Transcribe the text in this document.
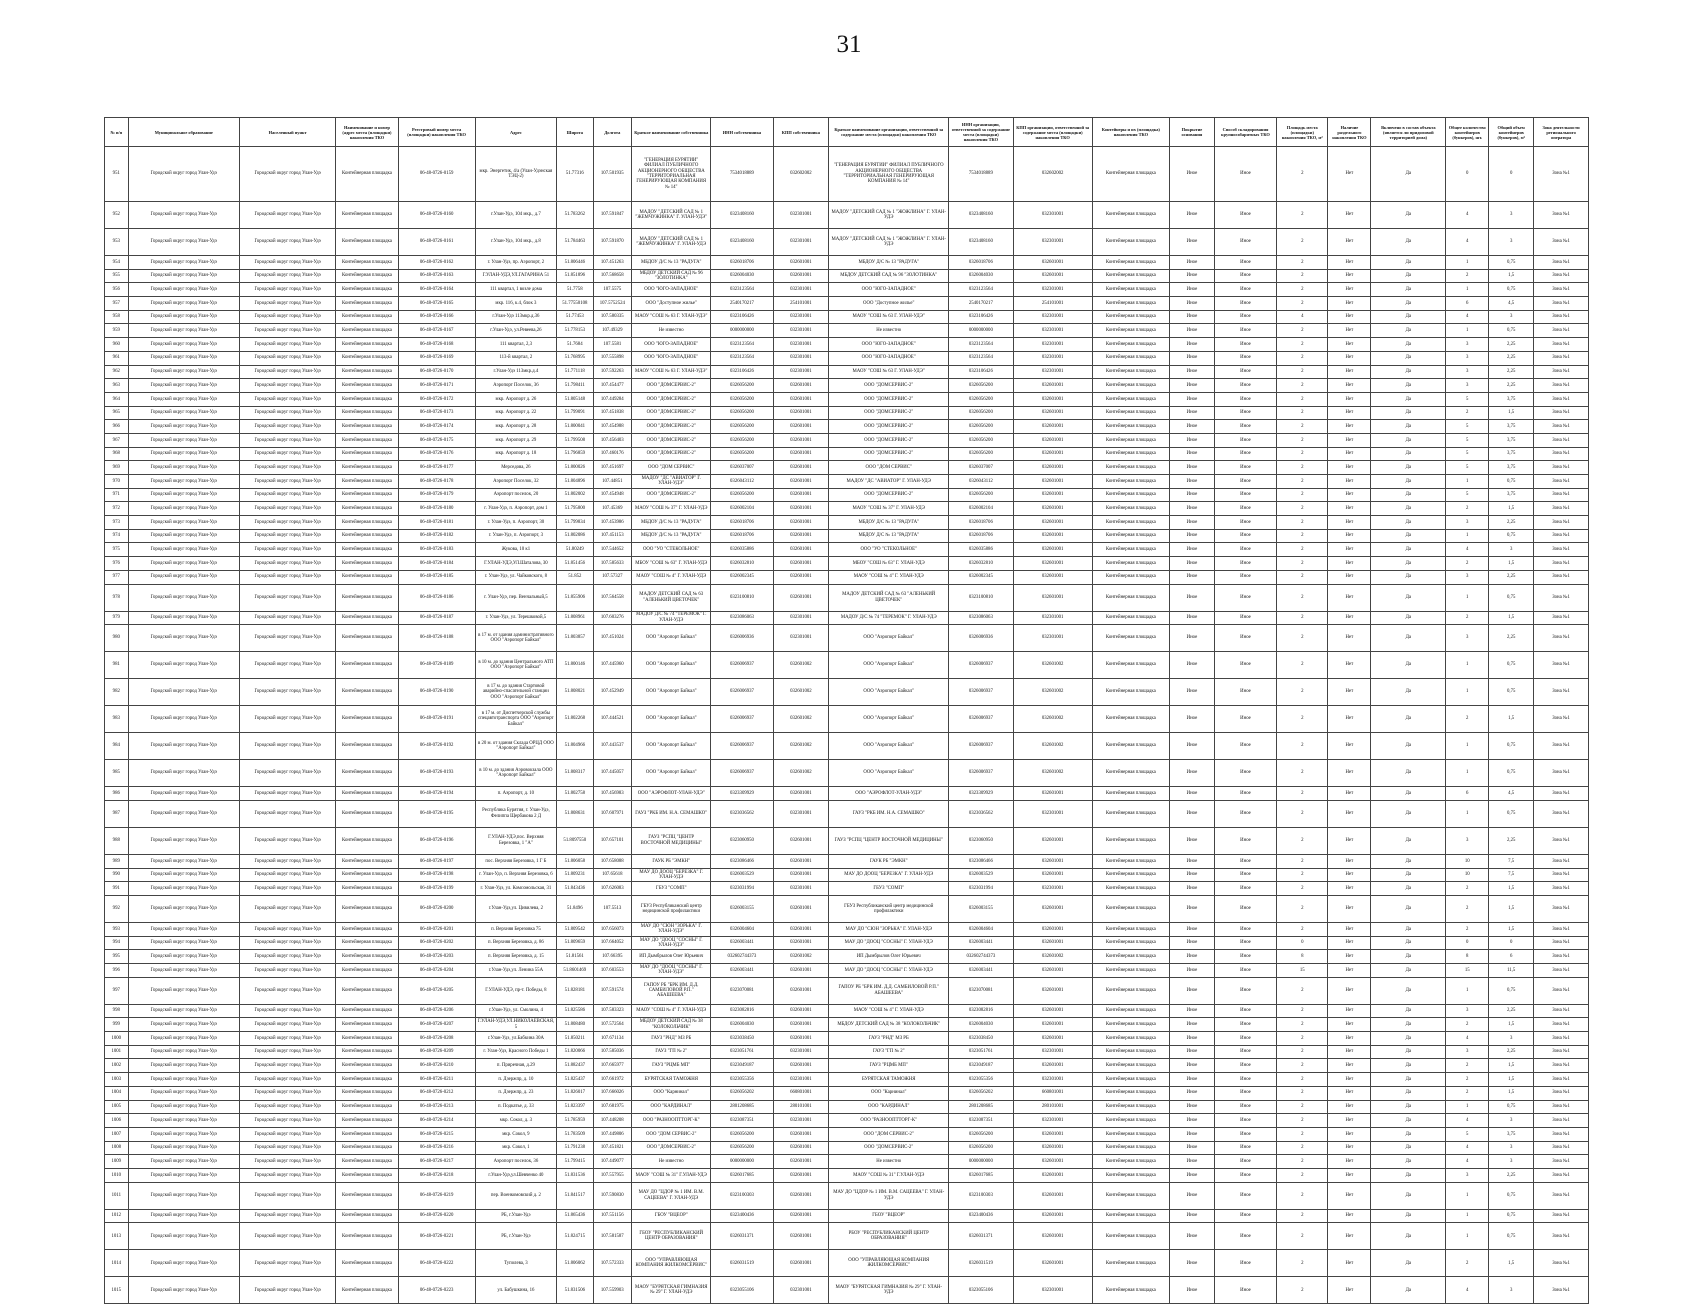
31
№ п/п	Муниципальное образование	Населенный пункт	Наименование и номер (адрес места (площадки) накопления ТКО	Реестровый номер места (площадки) накопления ТКО	Адрес	Широта	Долгота	Краткое наименование собственника	ИНН собственника	КПП собственника	Краткое наименование организации, ответственной за содержание места (площадки) накопления ТКО	ИНН организации, ответственной за содержание места (площадки) накопления ТКО	КПП организации, ответственной за содержание места (площадки) накопления ТКО	Контейнеры и их (площадка) накопления ТКО	Покрытие основания	Способ складирования крупногабаритных ТКО	Площадь места (площадки) накопления ТКО, м²	Наличие раздельного накопления ТКО	Включено в состав объекта (является ли придомовой территорией дома)	Общее количество контейнеров (бункеров), шт.	Общий объем контейнеров (бункеров), м³	Зона деятельности регионального оператора
951	Городской округ город Улан-Удэ	Городской округ город Улан-Удэ	Контейнерная площадка	06-48-0726-0159	мкр. Энергетик, 4/а (Улан-Удэнская ТЭЦ-2)	51.77316	107.501935	"ГЕНЕРАЦИЯ БУРЯТИИ" ФИЛИАЛ ПУБЛИЧНОГО АКЦИОНЕРНОГО ОБЩЕСТВА "ТЕРРИТОРИАЛЬНАЯ ГЕНЕРИРУЮЩАЯ КОМПАНИЯ № 14"	7534018889	032602002	"ГЕНЕРАЦИЯ БУРЯТИИ" ФИЛИАЛ ПУБЛИЧНОГО АКЦИОНЕРНОГО ОБЩЕСТВА "ТЕРРИТОРИАЛЬНАЯ ГЕНЕРИРУЮЩАЯ КОМПАНИЯ № 14"	7534018889	032602002	Контейнерная площадка	Иное	Иное	2	Нет	Да	0	0	Зона №1
952	Городской округ город Улан-Удэ	Городской округ город Улан-Удэ	Контейнерная площадка	06-48-0726-0160	г.Улан-Удэ, 104 мкр., д.7	51.783262	107.591847	МАДОУ "ДЕТСКИЙ САД № 1 "ЖЕМЧУЖИНКА" Г. УЛАН-УДЭ"	0323408160	032301001	МАДОУ "ДЕТСКИЙ САД № 1 "ЖОЖЛИНА" Г. УЛАН-УДЭ	0323408160	032301001	Контейнерная площадка	Иное	Иное	2	Нет	Да	4	3	Зона №1
953	Городской округ город Улан-Удэ	Городской округ город Улан-Удэ	Контейнерная площадка	06-48-0726-0161	г.Улан-Удэ, 104 мкр., д.8	51.784463	107.591870	МАДОУ "ДЕТСКИЙ САД № 1 "ЖЕМЧУЖИНКА" Г. УЛАН-УДЭ	0323408160	032301001	МАДОУ "ДЕТСКИЙ САД № 1 "ЖОЖЛИНА" Г. УЛАН-УДЭ	0323408160	032301001	Контейнерная площадка	Иное	Иное	2	Нет	Да	4	3	Зона №1
954	Городской округ город Улан-Удэ	Городской округ город Улан-Удэ	Контейнерная площадка	06-48-0726-0162	г. Улан-Удэ, пр. Аэропорт, 2	51.806446	107.451263	МБДОУ Д/С № 13 "РАДУГА"	0326018706	032601001	МБДОУ Д/С № 13 "РАДУГА"	0326018706	032601001	Контейнерная площадка	Иное	Иное	2	Нет	Да	1	0,75	Зона №1
955	Городской округ город Улан-Удэ	Городской округ город Улан-Удэ	Контейнерная площадка	06-48-0726-0163	Г.УЛАН-УДЭ,УЛ.ГАГАРИНА 51	51.851896	107.568658	МБДОУ ДЕТСКИЙ САД № 96 "ЗОЛОТИНКА"	0326004030	032601001	МБДОУ ДЕТСКИЙ САД № 96 "ЗОЛОТИНКА"	0326004030	032601001	Контейнерная площадка	Иное	Иное	2	Нет	Да	2	1,5	Зона №1
956	Городской округ город Улан-Удэ	Городской округ город Улан-Удэ	Контейнерная площадка	06-48-0726-0164	111 квартал, 1 возле дома	51.7758	107.5575	ООО "ЮГО-ЗАПАДНОЕ"	0323123564	032301001	ООО "ЮГО-ЗАПАДНОЕ"	0323123564	032301001	Контейнерная площадка	Иное	Иное	2	Нет	Да	1	0,75	Зона №1
957	Городской округ город Улан-Удэ	Городской округ город Улан-Удэ	Контейнерная площадка	06-48-0726-0165	мкр. 116, к.4, блок 3	51.77550108	107.5752524	ООО "Доступное жилье"	2540170217	254101001	ООО "Доступное жилье"	2540170217	254101001	Контейнерная площадка	Иное	Иное	2	Нет	Да	6	4,5	Зона №1
958	Городской округ город Улан-Удэ	Городской округ город Улан-Удэ	Контейнерная площадка	06-48-0726-0166	г.Улан-Удэ 113мкр.д.36	51.77453	107.580335	МАОУ "СОШ № 63 Г. УЛАН-УДЭ"	0323106426	032301001	МАОУ "СОШ № 63 Г. УЛАН-УДЭ"	0323106426	032301001	Контейнерная площадка	Иное	Иное	4	Нет	Да	4	3	Зона №1
959	Городской округ город Улан-Удэ	Городской округ город Улан-Удэ	Контейнерная площадка	06-48-0726-0167	г.Улан-Удэ, ул.Ревеева,26	51.778153	107.49329	Не известно	0000000000	032301001	Не известно	0000000000	032301001	Контейнерная площадка	Иное	Иное	2	Нет	Да	1	0,75	Зона №1
960	Городской округ город Улан-Удэ	Городской округ город Улан-Удэ	Контейнерная площадка	06-48-0726-0168	111 квартал, 2,3	51.7684	107.5581	ООО "ЮГО-ЗАПАДНОЕ"	0323123564	032301001	ООО "ЮГО-ЗАПАДНОЕ"	0323123564	032301001	Контейнерная площадка	Иное	Иное	2	Нет	Да	3	2,25	Зона №1
961	Городской округ город Улан-Удэ	Городской округ город Улан-Удэ	Контейнерная площадка	06-48-0726-0169	113-й квартал, 2	51.768995	107.555898	ООО "ЮГО-ЗАПАДНОЕ"	0323123564	032301001	ООО "ЮГО-ЗАПАДНОЕ"	0323123564	032301001	Контейнерная площадка	Иное	Иное	2	Нет	Да	3	2,25	Зона №1
962	Городской округ город Улан-Удэ	Городской округ город Улан-Удэ	Контейнерная площадка	06-48-0726-0170	г.Улан-Удэ 113мкр.д.4	51.771118	107.592263	МАОУ "СОШ № 63 Г. УЛАН-УДЭ"	0323106426	032301001	МАОУ "СОШ № 63 Г. УЛАН-УДЭ"	0323106426	032301001	Контейнерная площадка	Иное	Иное	2	Нет	Да	3	2,25	Зона №1
963	Городской округ город Улан-Удэ	Городской округ город Улан-Удэ	Контейнерная площадка	06-48-0726-0171	Аэропорт Поселок, 36	51.798411	107.454477	ООО "ДОМСЕРВИС-2"	0326056200	032601001	ООО "ДОМСЕРВИС-2"	0326056200	032601001	Контейнерная площадка	Иное	Иное	2	Нет	Да	3	2,25	Зона №1
964	Городской округ город Улан-Удэ	Городской округ город Улан-Удэ	Контейнерная площадка	06-48-0726-0172	мкр. Аэропорт д. 26	51.805148	107.449284	ООО "ДОМСЕРВИС-2"	0326056200	032601001	ООО "ДОМСЕРВИС-2"	0326056200	032601001	Контейнерная площадка	Иное	Иное	2	Нет	Да	5	3,75	Зона №1
965	Городской округ город Улан-Удэ	Городской округ город Улан-Удэ	Контейнерная площадка	06-48-0726-0173	мкр. Аэропорт д. 22	51.799091	107.451838	ООО "ДОМСЕРВИС-2"	0326056200	032601001	ООО "ДОМСЕРВИС-2"	0326056200	032601001	Контейнерная площадка	Иное	Иное	2	Нет	Да	2	1,5	Зона №1
966	Городской округ город Улан-Удэ	Городской округ город Улан-Удэ	Контейнерная площадка	06-48-0726-0174	мкр. Аэропорт д. 28	51.800041	107.454988	ООО "ДОМСЕРВИС-2"	0326056200	032601001	ООО "ДОМСЕРВИС-2"	0326056200	032601001	Контейнерная площадка	Иное	Иное	2	Нет	Да	5	3,75	Зона №1
967	Городской округ город Улан-Удэ	Городской округ город Улан-Удэ	Контейнерная площадка	06-48-0726-0175	мкр. Аэропорт д. 29	51.799508	107.456403	ООО "ДОМСЕРВИС-2"	0326056200	032601001	ООО "ДОМСЕРВИС-2"	0326056200	032601001	Контейнерная площадка	Иное	Иное	2	Нет	Да	5	3,75	Зона №1
968	Городской округ город Улан-Удэ	Городской округ город Улан-Удэ	Контейнерная площадка	06-48-0726-0176	мкр. Аэропорт д. 18	51.796859	107.460176	ООО "ДОМСЕРВИС-2"	0326056200	032601001	ООО "ДОМСЕРВИС-2"	0326056200	032601001	Контейнерная площадка	Иное	Иное	2	Нет	Да	5	3,75	Зона №1
969	Городской округ город Улан-Удэ	Городской округ город Улан-Удэ	Контейнерная площадка	06-48-0726-0177	Мерседова, 26	51.800026	107.451697	ООО "ДОМ СЕРВИС"	0326037007	032601001	ООО "ДОМ СЕРВИС"	0326037007	032601001	Контейнерная площадка	Иное	Иное	2	Нет	Да	5	3,75	Зона №1
970	Городской округ город Улан-Удэ	Городской округ город Улан-Удэ	Контейнерная площадка	06-48-0726-0178	Аэропорт Поселок, 32	51.804896	107.44851	МАДОУ "ДС "АВИАТОР" Г. УЛАН-УДЭ"	0326043112	032601001	МАДОУ "ДС "АВИАТОР" Г. УЛАН-УДЭ	0326043112	032601001	Контейнерная площадка	Иное	Иное	2	Нет	Да	1	0,75	Зона №1
971	Городской округ город Улан-Удэ	Городской округ город Улан-Удэ	Контейнерная площадка	06-48-0726-0179	Аэропорт поселок, 20	51.802002	107.454948	ООО "ДОМСЕРВИС-2"	0326056200	032601001	ООО "ДОМСЕРВИС-2"	0326056200	032601001	Контейнерная площадка	Иное	Иное	2	Нет	Да	5	3,75	Зона №1
972	Городской округ город Улан-Удэ	Городской округ город Улан-Удэ	Контейнерная площадка	06-48-0726-0180	г. Улан-Удэ, п. Аэропорт, дом 1	51.795800	107.45369	МАОУ "СОШ № 37" Г. УЛАН-УДЭ	0326002104	032601001	МАОУ "СОШ № 37" Г. УЛАН-УДЭ	0326002104	032601001	Контейнерная площадка	Иное	Иное	2	Нет	Да	2	1,5	Зона №1
973	Городской округ город Улан-Удэ	Городской округ город Улан-Удэ	Контейнерная площадка	06-48-0726-0181	г. Улан-Удэ, п. Аэропорт, 30	51.799834	107.453986	МБДОУ Д/С № 13 "РАДУГА"	0326018706	032601001	МБДОУ Д/С № 13 "РАДУГА"	0326018706	032601001	Контейнерная площадка	Иное	Иное	2	Нет	Да	3	2,25	Зона №1
974	Городской округ город Улан-Удэ	Городской округ город Улан-Удэ	Контейнерная площадка	06-48-0726-0182	г. Улан-Удэ, п. Аэропорт, 3	51.802086	107.451153	МБДОУ Д/С № 13 "РАДУГА"	0326018706	032601001	МБДОУ Д/С № 13 "РАДУГА"	0326018706	032601001	Контейнерная площадка	Иное	Иное	2	Нет	Да	1	0,75	Зона №1
975	Городской округ город Улан-Удэ	Городской округ город Улан-Удэ	Контейнерная площадка	06-48-0726-0183	Жукова, 10 к1	51.80249	107.544652	ООО "УО "СТЕКОЛЬНОЕ"	0326035886	032601001	ООО "УО "СТЕКОЛЬНОЕ"	0326035886	032601001	Контейнерная площадка	Иное	Иное	2	Нет	Да	4	3	Зона №1
976	Городской округ город Улан-Удэ	Городской округ город Улан-Удэ	Контейнерная площадка	06-48-0726-0184	Г.УЛАН-УДЭ,УЛ.Шаталова, 30	51.851456	107.585633	МБОУ "СОШ № 63" Г. УЛАН-УДЭ	0326032810	032601001	МБОУ "СОШ № 63" Г. УЛАН-УДЭ	0326032810	032601001	Контейнерная площадка	Иное	Иное	2	Нет	Да	2	1,5	Зона №1
977	Городской округ город Улан-Удэ	Городской округ город Улан-Удэ	Контейнерная площадка	06-48-0726-0185	г. Улан-Удэ, ул. Чайковского, 8	51.852	107.57327	МАОУ "СОШ № 4" Г. УЛАН-УДЭ	0326002345	032601001	МАОУ "СОШ № 4" Г. УЛАН-УДЭ	0326002345	032601001	Контейнерная площадка	Иное	Иное	2	Нет	Да	3	2,25	Зона №1
978	Городской округ город Улан-Удэ	Городской округ город Улан-Удэ	Контейнерная площадка	06-48-0726-0186	г. Улан-Удэ, пер. Венчальный,5	51.855906	107.564558	МАДОУ ДЕТСКИЙ САД № 63 "АЛЕНЬКИЙ ЦВЕТОЧЕК"	0323100810	032601001	МАДОУ ДЕТСКИЙ САД № 63 "АЛЕНЬКИЙ ЦВЕТОЧЕК"	0323100810	032601001	Контейнерная площадка	Иное	Иное	2	Нет	Да	1	0,75	Зона №1
979	Городской округ город Улан-Удэ	Городской округ город Улан-Удэ	Контейнерная площадка	06-48-0726-0187	г. Улан-Удэ, ул. Терешковой,5	51.808961	107.603276	МАДОУ Д/С № 74 "ТЕРЕМОК" Г. УЛАН-УДЭ	0323086063	032301001	МАДОУ Д/С № 74 "ТЕРЕМОК" Г. УЛАН-УДЭ	0323086063	032301001	Контейнерная площадка	Иное	Иное	2	Нет	Да	2	1,5	Зона №1
980	Городской округ город Улан-Удэ	Городской округ город Улан-Удэ	Контейнерная площадка	06-48-0726-0188	в 17 м. от здания административного ООО "Аэропорт Байкал"	51.803857	107.451024	ООО "Аэропорт Байкал"	0326006936	032301001	ООО "Аэропорт Байкал"	0326006936	032301001	Контейнерная площадка	Иное	Иное	2	Нет	Да	3	2,25	Зона №1
981	Городской округ город Улан-Удэ	Городской округ город Улан-Удэ	Контейнерная площадка	06-48-0726-0189	в 10 м. до здания Центрального АТП ООО "Аэропорт Байкал"	51.800146	107.445960	ООО "Аэропорт Байкал"	0326006937	032601002	ООО "Аэропорт Байкал"	0326006937	032601002	Контейнерная площадка	Иное	Иное	2	Нет	Да	1	0,75	Зона №1
982	Городской округ город Улан-Удэ	Городской округ город Улан-Удэ	Контейнерная площадка	06-48-0726-0190	в 17 м. до здания Стартовой аварийно-спасательной станции ООО "Аэропорт Байкал"	51.808021	107.452949	ООО "Аэропорт Байкал"	0326006937	032601002	ООО "Аэропорт Байкал"	0326006937	032601002	Контейнерная площадка	Иное	Иное	2	Нет	Да	1	0,75	Зона №1
983	Городской округ город Улан-Удэ	Городской округ город Улан-Удэ	Контейнерная площадка	06-48-0726-0191	в 17 м. от Диспетчерской службы спецавтотранспорта ООО "Аэропорт Байкал"	51.802268	107.444521	ООО "Аэропорт Байкал"	0326006937	032601002	ООО "Аэропорт Байкал"	0326006937	032601002	Контейнерная площадка	Иное	Иное	2	Нет	Да	2	1,5	Зона №1
984	Городской округ город Улан-Удэ	Городской округ город Улан-Удэ	Контейнерная площадка	06-48-0726-0192	в 20 м. от здания Склада ОРЦД ООО "Аэропорт Байкал"	51.804966	107.443537	ООО "Аэропорт Байкал"	0326006937	032601002	ООО "Аэропорт Байкал"	0326006937	032601002	Контейнерная площадка	Иное	Иное	2	Нет	Да	1	0,75	Зона №1
985	Городской округ город Улан-Удэ	Городской округ город Улан-Удэ	Контейнерная площадка	06-48-0726-0193	в 10 м. до здания Аэровокзала ООО "Аэропорт Байкал"	51.808317	107.445057	ООО "Аэропорт Байкал"	0326006937	032601002	ООО "Аэропорт Байкал"	0326006937	032601002	Контейнерная площадка	Иное	Иное	2	Нет	Да	1	0,75	Зона №1
986	Городской округ город Улан-Удэ	Городской округ город Улан-Удэ	Контейнерная площадка	06-48-0726-0194	п. Аэропорт, д. 10	51.802758	107.456983	ООО "АЭРОФЛОТ-УЛАН-УДЭ"	0323309929	032601001	ООО "АЭРОФЛОТ-УЛАН-УДЭ"	0323309929	032601001	Контейнерная площадка	Иное	Иное	2	Нет	Да	6	4,5	Зона №1
987	Городской округ город Улан-Удэ	Городской округ город Улан-Удэ	Контейнерная площадка	06-48-0726-0195	Республика Бурятия, г. Улан-Удэ, Фелиппа Щербакова 2 Д	51.808631	107.607971	ГАУЗ "РКБ ИМ. Н.А. СЕМАШКО"	0323036562	032301001	ГАУЗ "РКБ ИМ. Н.А. СЕМАШКО"	0323036562	032301001	Контейнерная площадка	Иное	Иное	2	Нет	Да	1	0,75	Зона №1
988	Городской округ город Улан-Удэ	Городской округ город Улан-Удэ	Контейнерная площадка	06-48-0726-0196	Г.УЛАН-УДЭ,пос. Верхняя Березовка, 1 "А"	51.8097550	107.657101	ГАУЗ "РСПЦ "ЦЕНТР ВОСТОЧНОЙ МЕДИЦИНЫ"	0323060950	032601001	ГАУЗ "РСПЦ "ЦЕНТР ВОСТОЧНОЙ МЕДИЦИНЫ"	0323060950	032601001	Контейнерная площадка	Иное	Иное	2	Нет	Да	3	2,25	Зона №1
989	Городской округ город Улан-Удэ	Городской округ город Улан-Удэ	Контейнерная площадка	06-48-0726-0197	пос. Верхняя Березовка, 1 Г Б	51.806058	107.658088	ГАУК РБ "ЭМКН"	0323086466	032601001	ГАУК РБ "ЭМКН"	0323086466	032601001	Контейнерная площадка	Иное	Иное	2	Нет	Да	10	7,5	Зона №1
990	Городской округ город Улан-Удэ	Городской округ город Улан-Удэ	Контейнерная площадка	06-48-0726-0198	г. Улан-Удэ, п. Верхняя Березовка, 6	51.809231	107.65618	МАУ ДО ДООЦ "БЕРЕЗКА" Г. УЛАН-УДЭ	0326003529	032601001	МАУ ДО ДООЦ "БЕРЕЗКА" Г. УЛАН-УДЭ	0326003529	032601001	Контейнерная площадка	Иное	Иное	2	Нет	Да	10	7,5	Зона №1
991	Городской округ город Улан-Удэ	Городской округ город Улан-Удэ	Контейнерная площадка	06-48-0726-0199	г. Улан-Удэ, ул. Комсомольская, 31	51.843436	107.626083	ГБУЗ "СОМП"	0323031994	032301001	ГБУЗ "СОМП"	0323031994	032301001	Контейнерная площадка	Иное	Иное	2	Нет	Да	2	1,5	Зона №1
992	Городской округ город Улан-Удэ	Городской округ город Улан-Удэ	Контейнерная площадка	06-48-0726-0200	г.Улан-Удэ,ул. Цивилева, 2	51.8496	107.5513	ГБУЗ Республиканский центр медицинской профилактики	0326003155	032601001	ГБУЗ Республиканский центр медицинской профилактики	0326003155	032601001	Контейнерная площадка	Иное	Иное	2	Нет	Да	2	1,5	Зона №1
993	Городской округ город Улан-Удэ	Городской округ город Улан-Удэ	Контейнерная площадка	06-48-0726-0201	п. Верхняя Березовка 75	51.809542	107.656073	МАУ ДО "СЮН "ЗОРЬКА" Г. УЛАН-УДЭ"	0326004604	032601001	МАУ ДО "СЮН "ЗОРЬКА" Г. УЛАН-УДЭ	0326004604	032601001	Контейнерная площадка	Иное	Иное	2	Нет	Да	2	1,5	Зона №1
994	Городской округ город Улан-Удэ	Городской округ город Улан-Удэ	Контейнерная площадка	06-48-0726-0202	п. Верхняя Березовка, д. 86	51.809659	107.664052	МАУ ДО "ДООЦ "СОСНЫ" Г. УЛАН-УДЭ"	0326003441	032601001	МАУ ДО "ДООЦ "СОСНЫ" Г. УЛАН-УДЭ	0326003441	032601001	Контейнерная площадка	Иное	Иное	0	Нет	Да	0	0	Зона №1
995	Городской округ город Улан-Удэ	Городской округ город Улан-Удэ	Контейнерная площадка	06-48-0726-0203	п. Верхняя Березовка, д. 15	51.81561	107.66395	ИП Дымбрылов Олег Юрьевич	032602744373	032601002	ИП Дымбрылов Олег Юрьевич	032602744373	032601002	Контейнерная площадка	Иное	Иное	8	Нет	Да	8	6	Зона №1
996	Городской округ город Улан-Удэ	Городской округ город Улан-Удэ	Контейнерная площадка	06-48-0726-0204	г.Улан-Удэ,ул. Ленина 55А	51.8601469	107.603553	МАУ ДО "ДООЦ "СОСНЫ" Г. УЛАН-УДЭ"	0326003441	032601001	МАУ ДО "ДООЦ "СОСНЫ" Г. УЛАН-УДЭ	0326003441	032601001	Контейнерная площадка	Иное	Иное	15	Нет	Да	15	11,5	Зона №1
997	Городской округ город Улан-Удэ	Городской округ город Улан-Удэ	Контейнерная площадка	06-48-0726-0205	Г.УЛАН-УДЭ, пр-т. Победы, 8	51.828181	107.591574	ГАПОУ РБ "БРК ИМ. Д.Д. САМБИЛОВОЙ Р.П." АБАШЕЕВА"	0323070081	032601001	ГАПОУ РБ "БРК ИМ. Д.Д. САМБИЛОВОЙ Р.П." АБАШЕЕВА"	0323070081	032601001	Контейнерная площадка	Иное	Иное	2	Нет	Да	1	0,75	Зона №1
998	Городской округ город Улан-Удэ	Городской округ город Улан-Удэ	Контейнерная площадка	06-48-0726-0206	г.Улан-Удэ, ул. Смолина, 4	51.825586	107.583323	МАОУ "СОШ № 4" Г. УЛАН-УДЭ	0323082816	032601001	МАОУ "СОШ № 4" Г. УЛАН-УДЭ	0323082816	032601001	Контейнерная площадка	Иное	Иное	2	Нет	Да	3	2,25	Зона №1
999	Городской округ город Улан-Удэ	Городской округ город Улан-Удэ	Контейнерная площадка	06-48-0726-0207	Г.УЛАН-УДЭ,УЛ.НИКОЛАЕВСКАЯ, 5	51.808480	107.572564	МБДОУ ДЕТСКИЙ САД № 38 "КОЛОКОЛЬЧИК"	0326004030	032601001	МБДОУ ДЕТСКИЙ САД № 38 "КОЛОКОЛЬЧИК"	0326004030	032601001	Контейнерная площадка	Иное	Иное	2	Нет	Да	2	1,5	Зона №1
1000	Городской округ город Улан-Удэ	Городской округ город Улан-Удэ	Контейнерная площадка	06-48-0726-0208	г.Улан-Удэ, ул.Бабкина 30А	51.850211	107.671134	ГАУЗ "РНД" МЗ РБ	0323038450	032601001	ГАУЗ "РНД" МЗ РБ	0323038450	032601001	Контейнерная площадка	Иное	Иное	2	Нет	Да	4	3	Зона №1
1001	Городской округ город Улан-Удэ	Городской округ город Улан-Удэ	Контейнерная площадка	06-48-0726-0209	г. Улан-Удэ, Красного Победы 1	51.820066	107.585036	ГАУЗ "ГП № 2"	0323051761	032301001	ГАУЗ "ГП № 2"	0323051761	032301001	Контейнерная площадка	Иное	Иное	2	Нет	Да	3	2,25	Зона №1
1002	Городской округ город Улан-Удэ	Городской округ город Улан-Удэ	Контейнерная площадка	06-48-0726-0210	п. Приречная, д.29	51.882437	107.665977	ГАУЗ "РЦМБ МП"	0323049187	032601001	ГАУЗ "РЦМБ МП"	0323049187	032601001	Контейнерная площадка	Иное	Иное	2	Нет	Да	2	1,5	Зона №1
1003	Городской округ город Улан-Удэ	Городской округ город Улан-Удэ	Контейнерная площадка	06-48-0726-0211	п. Дзержпр, д. 10	51.825437	107.661972	БУРЯТСКАЯ ТАМОЖНЯ	0323055356	032301001	БУРЯТСКАЯ ТАМОЖНЯ	0323055356	032301001	Контейнерная площадка	Иное	Иное	2	Нет	Да	2	1,5	Зона №1
1004	Городской округ город Улан-Удэ	Городской округ город Улан-Удэ	Контейнерная площадка	06-48-0726-0212	п. Дзержпр, д. 23	51.826017	107.666026	ООО "Карнинал"	0326056202	660801001	ООО "Карнинал"	0326056202	660801001	Контейнерная площадка	Иное	Иное	2	Нет	Да	2	1,5	Зона №1
1005	Городской округ город Улан-Удэ	Городской округ город Улан-Удэ	Контейнерная площадка	06-48-0726-0213	п. Подкатье, д. 33	51.823397	107.681975	ООО "КАРДИНАЛ"	2801208685	280101001	ООО "КАРДИНАЛ"	2801208685	280101001	Контейнерная площадка	Иное	Иное	2	Нет	Да	1	0,75	Зона №1
1006	Городской округ город Улан-Удэ	Городской округ город Улан-Удэ	Контейнерная площадка	06-48-0726-0214	мкр. Сокол, д. 3	51.785959	107.448208	ООО "РАЗНООПТТОРГ-К"	0323087351	032301001	ООО "РАЗНООПТТОРГ-К"	0323087351	032301001	Контейнерная площадка	Иное	Иное	2	Нет	Да	4	3	Зона №1
1007	Городской округ город Улан-Удэ	Городской округ город Улан-Удэ	Контейнерная площадка	06-48-0726-0215	мкр. Сокол, 9	51.783509	107.449806	ООО "ДОМ СЕРВИС-2"	0326056200	032601001	ООО "ДОМ СЕРВИС-2"	0326056200	032601001	Контейнерная площадка	Иное	Иное	2	Нет	Да	5	3,75	Зона №1
1008	Городской округ город Улан-Удэ	Городской округ город Улан-Удэ	Контейнерная площадка	06-48-0726-0216	мкр. Сокол, 1	51.791238	107.451821	ООО "ДОМСЕРВИС-2"	0326056200	032601001	ООО "ДОМСЕРВИС-2"	0326056200	032601001	Контейнерная площадка	Иное	Иное	2	Нет	Да	4	3	Зона №1
1009	Городской округ город Улан-Удэ	Городской округ город Улан-Удэ	Контейнерная площадка	06-48-0726-0217	Аэропорт поселок, 36	51.799415	107.449077	Не известно	0000000000	032601001	Не известно	0000000000	032601001	Контейнерная площадка	Иное	Иное	2	Нет	Да	4	3	Зона №1
1010	Городской округ город Улан-Удэ	Городской округ город Улан-Удэ	Контейнерная площадка	06-48-0726-0218	г.Улан-Удэ,ул.Шевченко 40	51.831536	107.557955	МАОУ "СОШ № 31" Г.УЛАН-УДЭ	0326017685	032601001	МАОУ "СОШ № 31" Г.УЛАН-УДЭ	0326017685	032601001	Контейнерная площадка	Иное	Иное	2	Нет	Да	3	2,25	Зона №1
1011	Городской округ город Улан-Удэ	Городской округ город Улан-Удэ	Контейнерная площадка	06-48-0726-0219	пер. Военкомовский д. 2	51.841517	107.590830	МАУ ДО "ЦДОР № 1 ИМ. В.М. САЦЕЕВА" Г. УЛАН-УДЭ	0323100303	032601001	МАУ ДО "ЦДОР № 1 ИМ. В.М. САЦЕЕВА" Г. УЛАН-УДЭ	0323100303	032601001	Контейнерная площадка	Иное	Иное	2	Нет	Да	1	0,75	Зона №1
1012	Городской округ город Улан-Удэ	Городской округ город Улан-Удэ	Контейнерная площадка	06-48-0726-0220	РБ, г.Улан-Удэ	51.865436	107.551156	ГБОУ "ВЦЕОР"	0323400436	032601001	ГБОУ "ВЦЕОР"	0323400436	032601001	Контейнерная площадка	Иное	Иное	2	Нет	Да	1	0,75	Зона №1
1013	Городской округ город Улан-Удэ	Городской округ город Улан-Удэ	Контейнерная площадка	06-48-0726-0221	РБ, г.Улан-Удэ	51.824715	107.581587	ГБОУ "РЕСПУБЛИКАНСКИЙ ЦЕНТР ОБРАЗОВАНИЯ"	0326031371	032601001	РБОУ "РЕСПУБЛИКАНСКИЙ ЦЕНТР ОБРАЗОВАНИЯ"	0326031371	032601001	Контейнерная площадка	Иное	Иное	2	Нет	Да	1	0,75	Зона №1
1014	Городской округ город Улан-Удэ	Городской округ город Улан-Удэ	Контейнерная площадка	06-48-0726-0222	Туполева, 3	51.806062	107.572333	ООО "УПРАВЛЯЮЩАЯ КОМПАНИЯ ЖИЛКОМСЕРВИС"	0326031519	032601001	ООО "УПРАВЛЯЮЩАЯ КОМПАНИЯ ЖИЛКОМСЕРВИС"	0326031519	032601001	Контейнерная площадка	Иное	Иное	2	Нет	Да	2	1,5	Зона №1
1015	Городской округ город Улан-Удэ	Городской округ город Улан-Удэ	Контейнерная площадка	06-48-0726-0223	ул. Бабушкина, 16	51.831506	107.559903	МАОУ "БУРЯТСКАЯ ГИМНАЗИЯ № 29" Г. УЛАН-УДЭ	0323055106	032301001	МАОУ "БУРЯТСКАЯ ГИМНАЗИЯ № 29" Г. УЛАН-УДЭ	0323055106	032301001	Контейнерная площадка	Иное	Иное	2	Нет	Да	4	3	Зона №1
